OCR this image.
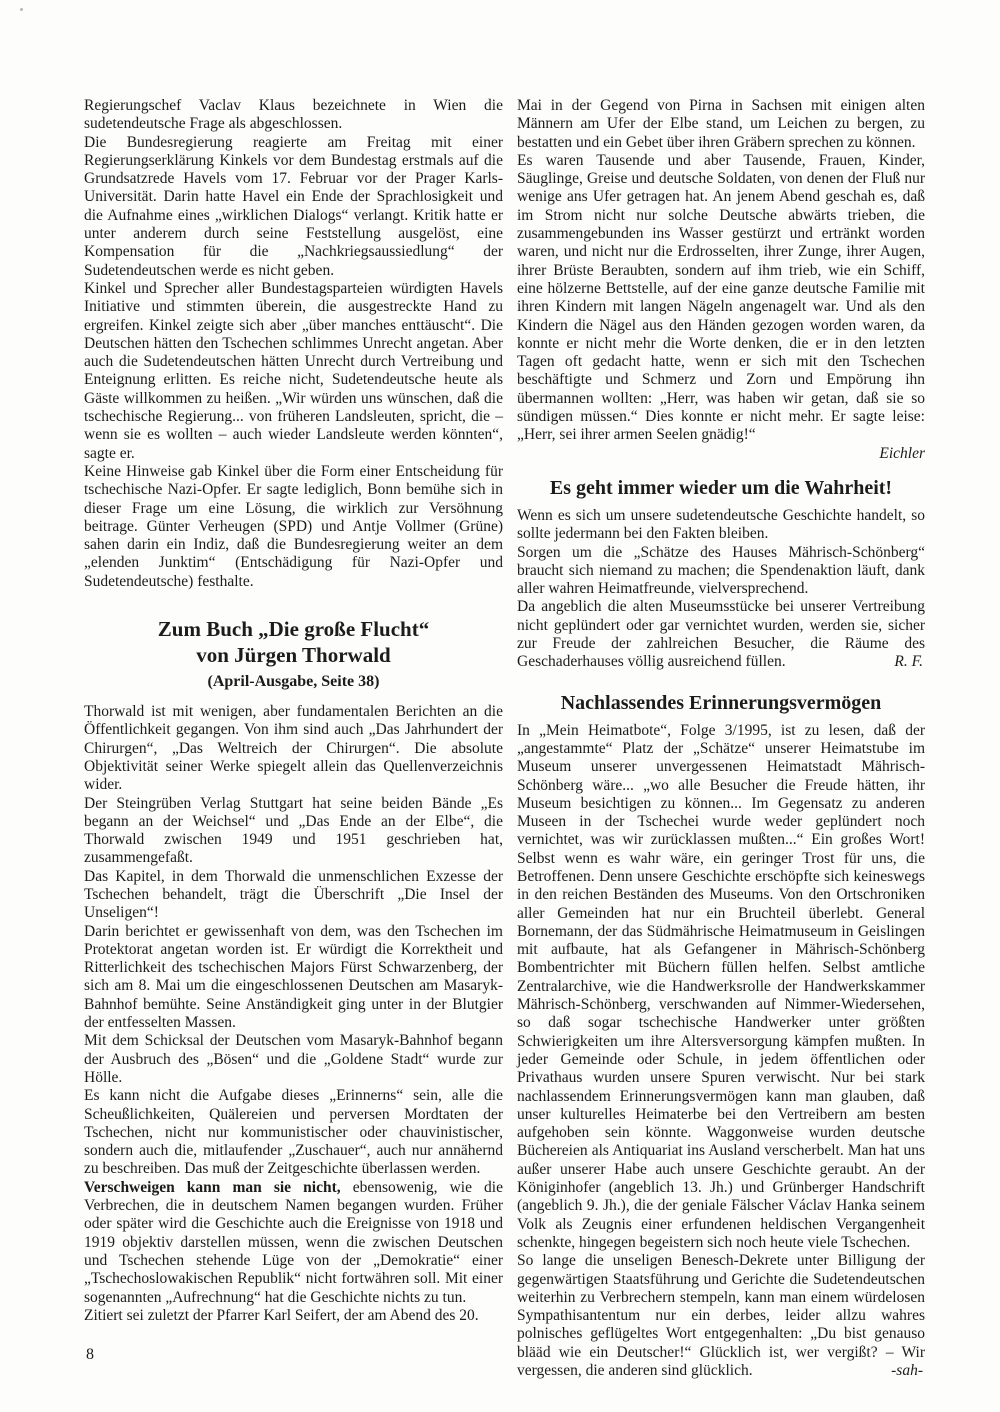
Regierungschef Vaclav Klaus bezeichnete in Wien die sudetendeutsche Frage als abgeschlossen.

Die Bundesregierung reagierte am Freitag mit einer Regierungserklärung Kinkels vor dem Bundestag erstmals auf die Grundsatzrede Havels vom 17. Februar vor der Prager Karls-Universität. Darin hatte Havel ein Ende der Sprachlosigkeit und die Aufnahme eines „wirklichen Dialogs“ verlangt. Kritik hatte er unter anderem durch seine Feststellung ausgelöst, eine Kompensation für die „Nachkriegsaussiedlung“ der Sudetendeutschen werde es nicht geben.

Kinkel und Sprecher aller Bundestagsparteien würdigten Havels Initiative und stimmten überein, die ausgestreckte Hand zu ergreifen. Kinkel zeigte sich aber „über manches enttäuscht“. Die Deutschen hätten den Tschechen schlimmes Unrecht angetan. Aber auch die Sudetendeutschen hätten Unrecht durch Vertreibung und Enteignung erlitten. Es reiche nicht, Sudetendeutsche heute als Gäste willkommen zu heißen. „Wir würden uns wünschen, daß die tschechische Regierung... von früheren Landsleuten, spricht, die – wenn sie es wollten – auch wieder Landsleute werden könnten“, sagte er.

Keine Hinweise gab Kinkel über die Form einer Entscheidung für tschechische Nazi-Opfer. Er sagte lediglich, Bonn bemühe sich in dieser Frage um eine Lösung, die wirklich zur Versöhnung beitrage. Günter Verheugen (SPD) und Antje Vollmer (Grüne) sahen darin ein Indiz, daß die Bundesregierung weiter an dem „elenden Junktim“ (Entschädigung für Nazi-Opfer und Sudetendeutsche) festhalte.

Zum Buch „Die große Flucht“
von Jürgen Thorwald
(April-Ausgabe, Seite 38)

Thorwald ist mit wenigen, aber fundamentalen Berichten an die Öffentlichkeit gegangen. Von ihm sind auch „Das Jahrhundert der Chirurgen“, „Das Weltreich der Chirurgen“. Die absolute Objektivität seiner Werke spiegelt allein das Quellenverzeichnis wider.

Der Steingrüben Verlag Stuttgart hat seine beiden Bände „Es begann an der Weichsel“ und „Das Ende an der Elbe“, die Thorwald zwischen 1949 und 1951 geschrieben hat, zusammengefaßt.

Das Kapitel, in dem Thorwald die unmenschlichen Exzesse der Tschechen behandelt, trägt die Überschrift „Die Insel der Unseligen“!

Darin berichtet er gewissenhaft von dem, was den Tschechen im Protektorat angetan worden ist. Er würdigt die Korrektheit und Ritterlichkeit des tschechischen Majors Fürst Schwarzenberg, der sich am 8. Mai um die eingeschlossenen Deutschen am Masaryk-Bahnhof bemühte. Seine Anständigkeit ging unter in der Blutgier der entfesselten Massen.

Mit dem Schicksal der Deutschen vom Masaryk-Bahnhof begann der Ausbruch des „Bösen“ und die „Goldene Stadt“ wurde zur Hölle.

Es kann nicht die Aufgabe dieses „Erinnerns“ sein, alle die Scheußlichkeiten, Quälereien und perversen Mordtaten der Tschechen, nicht nur kommunistischer oder chauvinistischer, sondern auch die, mitlaufender „Zuschauer“, auch nur annähernd zu beschreiben. Das muß der Zeitgeschichte überlassen werden.

Verschweigen kann man sie nicht, ebensowenig, wie die Verbrechen, die in deutschem Namen begangen wurden. Früher oder später wird die Geschichte auch die Ereignisse von 1918 und 1919 objektiv darstellen müssen, wenn die zwischen Deutschen und Tschechen stehende Lüge von der „Demokratie“ einer „Tschechoslowakischen Republik“ nicht fortwähren soll. Mit einer sogenannten „Aufrechnung“ hat die Geschichte nichts zu tun.

Zitiert sei zuletzt der Pfarrer Karl Seifert, der am Abend des 20.

Mai in der Gegend von Pirna in Sachsen mit einigen alten Männern am Ufer der Elbe stand, um Leichen zu bergen, zu bestatten und ein Gebet über ihren Gräbern sprechen zu können.

Es waren Tausende und aber Tausende, Frauen, Kinder, Säuglinge, Greise und deutsche Soldaten, von denen der Fluß nur wenige ans Ufer getragen hat. An jenem Abend geschah es, daß im Strom nicht nur solche Deutsche abwärts trieben, die zusammengebunden ins Wasser gestürzt und ertränkt worden waren, und nicht nur die Erdrosselten, ihrer Zunge, ihrer Augen, ihrer Brüste Beraubten, sondern auf ihm trieb, wie ein Schiff, eine hölzerne Bettstelle, auf der eine ganze deutsche Familie mit ihren Kindern mit langen Nägeln angenagelt war. Und als den Kindern die Nägel aus den Händen gezogen worden waren, da konnte er nicht mehr die Worte denken, die er in den letzten Tagen oft gedacht hatte, wenn er sich mit den Tschechen beschäftigte und Schmerz und Zorn und Empörung ihn übermannen wollten: „Herr, was haben wir getan, daß sie so sündigen müssen.“ Dies konnte er nicht mehr. Er sagte leise: „Herr, sei ihrer armen Seelen gnädig!“

Eichler

Es geht immer wieder um die Wahrheit!

Wenn es sich um unsere sudetendeutsche Geschichte handelt, so sollte jedermann bei den Fakten bleiben.

Sorgen um die „Schätze des Hauses Mährisch-Schönberg“ braucht sich niemand zu machen; die Spendenaktion läuft, dank aller wahren Heimatfreunde, vielversprechend.

Da angeblich die alten Museumsstücke bei unserer Vertreibung nicht geplündert oder gar vernichtet wurden, werden sie, sicher zur Freude der zahlreichen Besucher, die Räume des Geschaderhauses völlig ausreichend füllen.	R. F.
Nachlassendes Erinnerungsvermögen

In „Mein Heimatbote“, Folge 3/1995, ist zu lesen, daß der „angestammte“ Platz der „Schätze“ unserer Heimatstube im Museum unserer unvergessenen Heimatstadt Mährisch-Schönberg wäre... „wo alle Besucher die Freude hätten, ihr Museum besichtigen zu können... Im Gegensatz zu anderen Museen in der Tschechei wurde weder geplündert noch vernichtet, was wir zurücklassen mußten...“ Ein großes Wort! Selbst wenn es wahr wäre, ein geringer Trost für uns, die Betroffenen. Denn unsere Geschichte erschöpfte sich keineswegs in den reichen Beständen des Museums. Von den Ortschroniken aller Gemeinden hat nur ein Bruchteil überlebt. General Bornemann, der das Südmährische Heimatmuseum in Geislingen mit aufbaute, hat als Gefangener in Mährisch-Schönberg Bombentrichter mit Büchern füllen helfen. Selbst amtliche Zentralarchive, wie die Handwerksrolle der Handwerkskammer Mährisch-Schönberg, verschwanden auf Nimmer-Wiedersehen, so daß sogar tschechische Handwerker unter größten Schwierigkeiten um ihre Altersversorgung kämpfen mußten. In jeder Gemeinde oder Schule, in jedem öffentlichen oder Privathaus wurden unsere Spuren verwischt. Nur bei stark nachlassendem Erinnerungsvermögen kann man glauben, daß unser kulturelles Heimaterbe bei den Vertreibern am besten aufgehoben sein könnte. Waggonweise wurden deutsche Büchereien als Antiquariat ins Ausland verscherbelt. Man hat uns außer unserer Habe auch unsere Geschichte geraubt. An der Königinhofer (angeblich 13. Jh.) und Grünberger Handschrift (angeblich 9. Jh.), die der geniale Fälscher Václav Hanka seinem Volk als Zeugnis einer erfundenen heldischen Vergangenheit schenkte, hingegen begeistern sich noch heute viele Tschechen.

So lange die unseligen Benesch-Dekrete unter Billigung der gegenwärtigen Staatsführung und Gerichte die Sudetendeutschen weiterhin zu Verbrechern stempeln, kann man einem würdelosen Sympathisantentum nur ein derbes, leider allzu wahres polnisches geflügeltes Wort entgegenhalten: „Du bist genauso blääd wie ein Deutscher!“ Glücklich ist, wer vergißt? – Wir vergessen, die anderen sind glücklich.	-sah-
8
